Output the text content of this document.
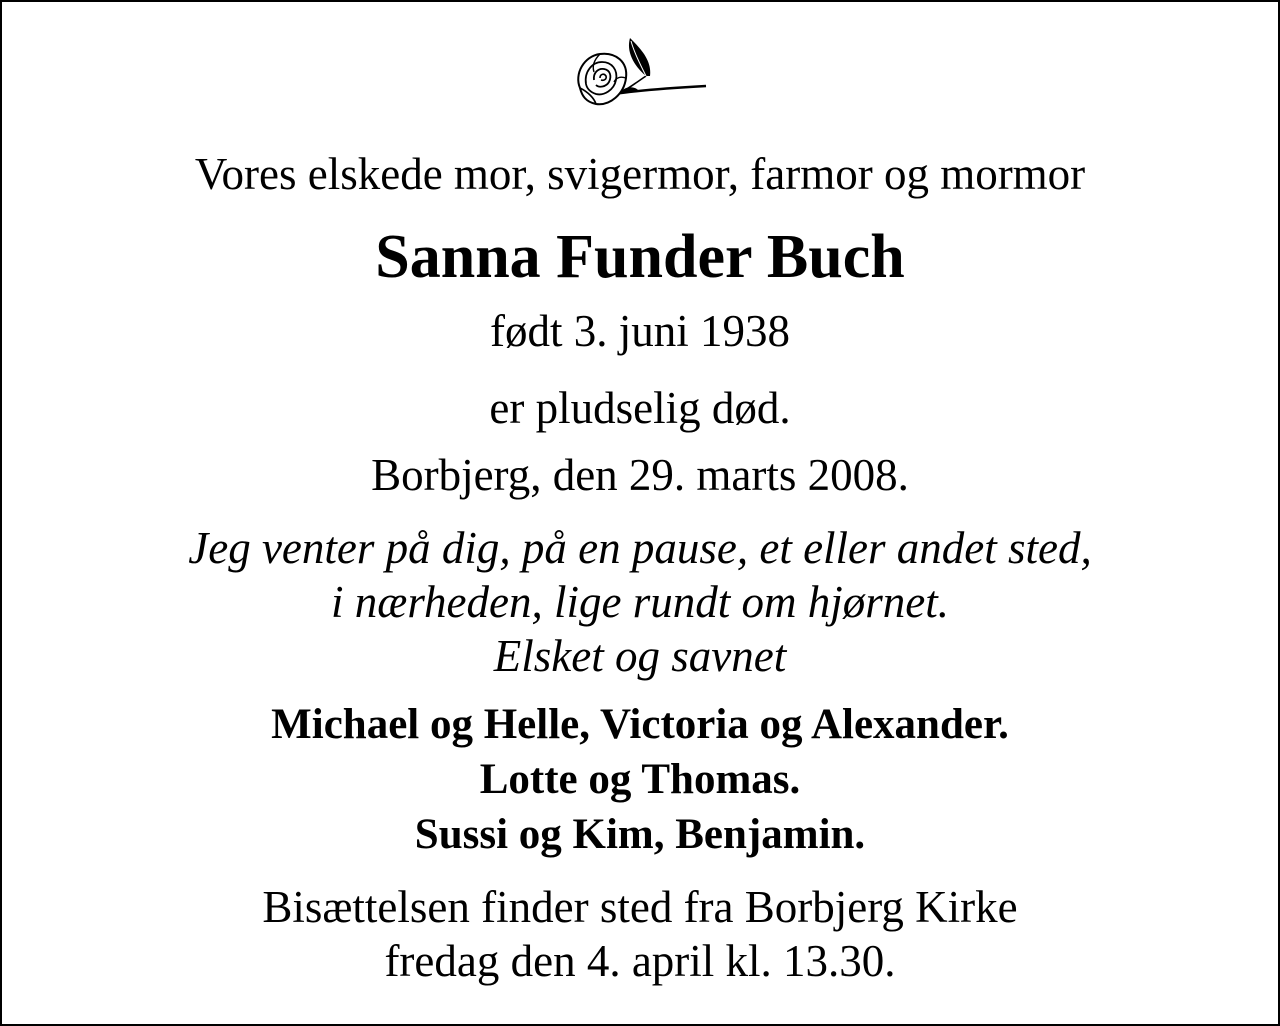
Vores elskede mor, svigermor, farmor og mormor
Sanna Funder Buch
født 3. juni 1938
er pludselig død.
Borbjerg, den 29. marts 2008.
Jeg venter på dig, på en pause, et eller andet sted,
i nærheden, lige rundt om hjørnet.
Elsket og savnet
Michael og Helle, Victoria og Alexander.
Lotte og Thomas.
Sussi og Kim, Benjamin.
Bisættelsen finder sted fra Borbjerg Kirke
fredag den 4. april kl. 13.30.
